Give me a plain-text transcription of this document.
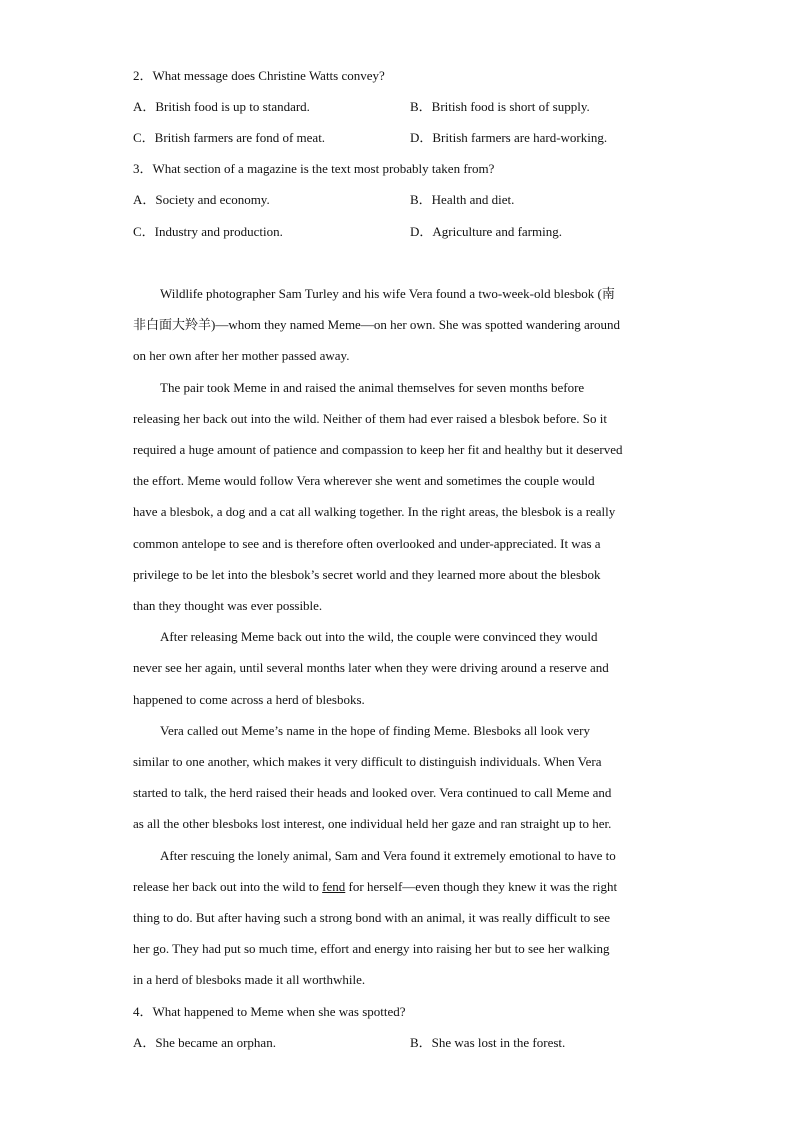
2．What message does Christine Watts convey?
A．British food is up to standard.	B．British food is short of supply.
C．British farmers are fond of meat.	D．British farmers are hard-working.
3．What section of a magazine is the text most probably taken from?
A．Society and economy.	B．Health and diet.
C．Industry and production.	D．Agriculture and farming.
Wildlife photographer Sam Turley and his wife Vera found a two-week-old blesbok (南
非白面大羚羊)—whom they named Meme—on her own. She was spotted wandering around
on her own after her mother passed away.
The pair took Meme in and raised the animal themselves for seven months before
releasing her back out into the wild. Neither of them had ever raised a blesbok before. So it
required a huge amount of patience and compassion to keep her fit and healthy but it deserved
the effort. Meme would follow Vera wherever she went and sometimes the couple would
have a blesbok, a dog and a cat all walking together. In the right areas, the blesbok is a really
common antelope to see and is therefore often overlooked and under-appreciated. It was a
privilege to be let into the blesbok’s secret world and they learned more about the blesbok
than they thought was ever possible.
After releasing Meme back out into the wild, the couple were convinced they would
never see her again, until several months later when they were driving around a reserve and
happened to come across a herd of blesboks.
Vera called out Meme’s name in the hope of finding Meme. Blesboks all look very
similar to one another, which makes it very difficult to distinguish individuals. When Vera
started to talk, the herd raised their heads and looked over. Vera continued to call Meme and
as all the other blesboks lost interest, one individual held her gaze and ran straight up to her.
After rescuing the lonely animal, Sam and Vera found it extremely emotional to have to
release her back out into the wild to fend for herself—even though they knew it was the right
thing to do. But after having such a strong bond with an animal, it was really difficult to see
her go. They had put so much time, effort and energy into raising her but to see her walking
in a herd of blesboks made it all worthwhile.
4．What happened to Meme when she was spotted?
A．She became an orphan.	B．She was lost in the forest.
